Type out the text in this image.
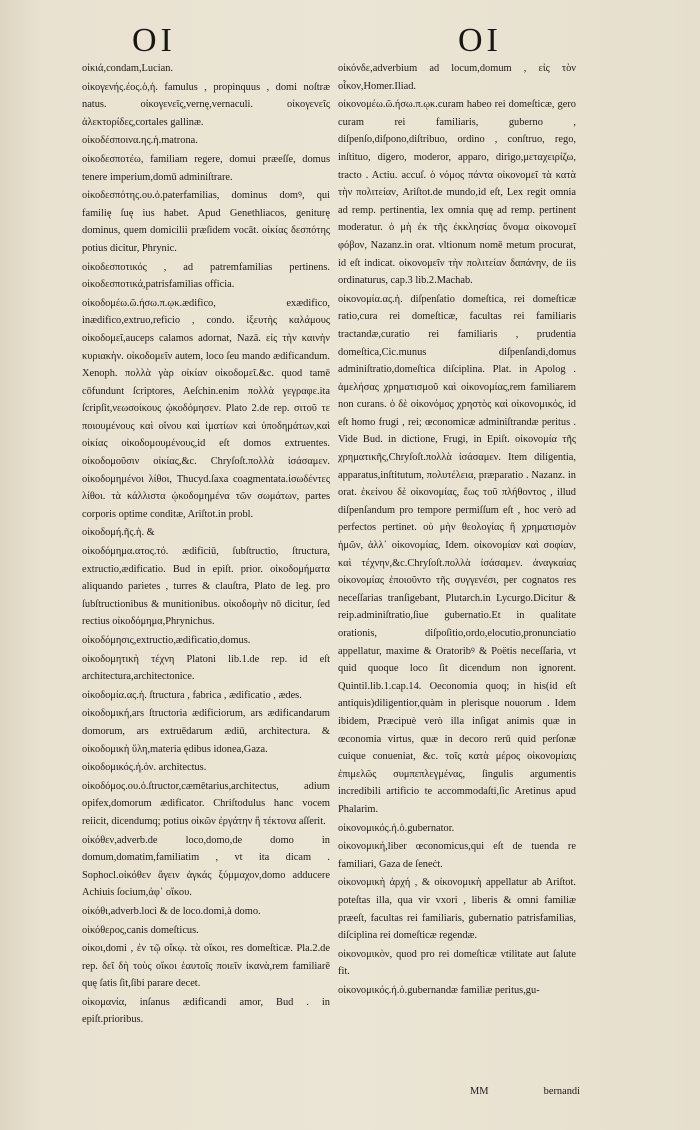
OI	OI

οἰκιά,condam,Lucian.

οἰκογενής.έος.ὁ,ἡ. famulus , propinquus , domi noſtræ natus. οἰκογενεῖς,vernę,vernaculi. οἰκογενεῖς ἀλεκτορίδες,cortales gallinæ.

οἰκοδέσποινα.ης.ἡ.matrona.

οἰκοδεσποτέω, familiam regere, domui præeſſe, domus tenere imperium,domū adminiſtrare.

οἰκοδεσπότης.ου.ὁ.paterfamilias, dominus domꝰ, qui familię ſuę ius habet. Apud Genethliacos, geniturę dominus, quem domicilii præſidem vocāt. οἰκίας δεσπότης potius dicitur, Phrynic.

οἰκοδεσποτικός , ad patremfamilias pertinens. οἰκοδεσποτικά,patrisfamilias officia.

οἰκοδομέω.ῶ.ήσω.π.ῳκ.ædifico, exædifico, inædifico,extruo,reficio , condo. ἰξευτὴς καλάμους οἰκοδομεῖ,auceps calamos adornat, Nazā. εἰς τὴν καινὴν κυριακὴν. οἰκοδομεῖν autem, loco ſeu mando ædificandum. Xenoph. πολλὰ γὰρ οἰκίαν οἰκοδομεῖ.&c. quod tamē cōfundunt ſcriptores, Aeſchin.enim πολλὰ γεγραφε.ita ſcripſit,νεωσοίκους ᾠκοδόμησεν. Plato 2.de rep. σιτοῦ τε ποιουμένους καὶ οἴνου καὶ ἱματίων καὶ ὑποδημάτων,καὶ οἰκίας οἰκοδομουμένους,id eſt domos extruentes. οἰκοδομοῦσιν οἰκίας,&c. Chryſoſt.πολλὰ ἰσάσαμεν. οἰκοδομημένοι λίθοι, Thucyd.ſaxa coagmentata.ἰσωδέντες λίθοι. τὰ κάλλιστα ᾠκοδομημένα τῶν σωμάτων, partes corporis optime conditæ, Ariſtot.in probl.

οἰκοδομή.ῆς.ἡ. &

οἰκοδόμημα.ατος.τό. ædificiū, ſubſtructio, ſtructura, extructio,ædificatio. Bud in epiſt. prior. οἰκοδομήματα aliquando parietes , turres & clauſtra, Plato de leg. pro ſubſtructionibus & munitionibus. οἰκοδομὴν nō dicitur, ſed rectius οἰκοδόμημα,Phrynichus.

οἰκοδόμησις,extructio,ædificatio,domus.

οἰκοδομητικὴ τέχνη Platoni lib.1.de rep. id eſt architectura,architectonice.

οἰκοδομία.ας.ἡ. ſtructura , fabrica , ædificatio , ædes.

οἰκοδομική,ars ſtructoria ædificiorum, ars ædificandarum domorum, ars extruēdarum ædiū, architectura. & οἰκοδομικὴ ὕλη,materia ędibus idonea,Gaza.

οἰκοδομικός.ἡ.ὁν. architectus.

οἰκοδόμος.ου.ὁ.ſtructor,cæmētarius,architectus, adium opifex,domorum ædificator. Chriſtodulus hanc vocem reiicit, dicendumq; potius οἰκῶν ἐργάτην ἢ τέκτονα aſſerit.

οἰκόθεν,adverb.de loco,domo,de domo in domum,domatim,familiatim , vt ita dicam . Sophocl.οἰκόθεν ἄγειν ἀγκάς ξύμμαχον,domo adducere Achiuis ſocium,ἀφ᾽ οἴκου.

οἰκόθι,adverb.loci & de loco.domi,à domo.

οἰκόθερος,canis domeſticus.

οἰκοι,domi , ἐν τῷ οἴκῳ. τὰ οἴκοι, res domeſticæ. Pla.2.de rep. δεῖ δὴ τοὺς οἴκοι ἑαυτοῖς ποιεῖν ἱκανὰ,rem familiarē quę ſatis ſit,ſibi parare decet.

οἰκομανία, inſanus ædificandi amor, Bud . in epiſt.prioribus.

οἰκόνδε,adverbium ad locum,domum , εἰς τὸν οἶκον,Homer.Iliad.

οἰκονομέω.ῶ.ήσω.π.ῳκ.curam habeo rei domeſticæ, gero curam rei familiaris, guberno , diſpenſo,diſpono,diſtribuo, ordino , conſtruo, rego, inſtituo, digero, moderor, apparo, dirigo,μεταχειρίζω, tracto . Actiu. accuſ. ὁ νόμος πάντα οἰκονομεῖ τὰ κατὰ τὴν πολιτείαν, Ariſtot.de mundo,id eſt, Lex regit omnia ad remp. pertinentia, lex omnia quę ad remp. pertinent moderatur. ὁ μὴ ἐκ τῆς ἐκκλησίας ὄνομα οἰκονομεῖ φόβον, Nazanz.in orat. vltionum nomē metum procurat, id eſt indicat. οἰκονομεῖν τὴν πολιτείαν δαπάνην, de iis ordinaturus, cap.3 lib.2.Machab.

οἰκονομία.ας.ἡ. diſpenſatio domeſtica, rei domeſticæ ratio,cura rei domeſticæ, facultas rei familiaris tractandæ,curatio rei familiaris , prudentia domeſtica,Cic.munus diſpenſandi,domus adminiſtratio,domeſtica diſciplina. Plat. in Apolog . ἀμελήσας χρηματισμοῦ καὶ οἰκονομίας,rem familiarem non curans. ὁ δὲ οἰκονόμος χρηστὸς καὶ οἰκονομικός, id eſt homo frugi , rei; œconomicæ adminiſtrandæ peritus . Vide Bud. in dictione, Frugi, in Epiſt. οἰκονομία τῆς χρηματικῆς,Chryſoſt.πολλὰ ἰσάσαμεν. Item diligentia, apparatus,inſtitutum, πολυτέλεια, præparatio . Nazanz. in orat. ἐκείνου δὲ οἰκονομίας, ἕως τοῦ πλήθοντος , illud diſpenſandum pro tempore permiſſum eſt , hoc verò ad perfectos pertinet. οὐ μὴν θεολογίας ἢ χρηματισμὸν ἡμῶν, ἀλλ᾽ οἰκονομίας, Idem. οἰκονομίαν καὶ σοφίαν, καὶ τέχνην,&c.Chryſoſt.πολλὰ ἰσάσαμεν. ἀναγκαίας οἰκονομίας ἐποιοῦντο τῆς συγγενέσι, per cognatos res neceſſarias tranſigebant, Plutarch.in Lycurgo.Dicitur & reip.adminiſtratio,ſiue gubernatio.Et in qualitate orationis, diſpoſitio,ordo,elocutio,pronunciatio appellatur, maxime & Oratoribꝰ & Poëtis neceſſaria, vt quid quoque loco ſit dicendum non ignorent. Quintil.lib.1.cap.14. Oeconomia quoq; in his(id eſt antiquis)diligentior,quàm in plerisque nouorum . Idem ibidem, Præcipuè verò illa inſigat animis quæ in œconomia virtus, quæ in decoro rerū quid perſonæ cuique conueniat, &c. τοῖς κατὰ μέρος οἰκονομίαις ἐπιμελῶς συμπεπλεγμένας, ſingulis argumentis incredibili artificio te accommodaſti,ſic Aretinus apud Phalarim.

οἰκονομικός.ἡ.ὁ.gubernator.

οἰκονομική,liber œconomicus,qui eſt de tuenda re familiari, Gaza de ſeneċt.

οἰκονομικὴ ἀρχή , & οἰκονομικὴ appellatur ab Ariſtot. poteſtas illa, qua vir vxori , liberis & omni familiæ præeſt, facultas rei familiaris, gubernatio patrisfamilias, diſciplina rei domeſticæ regendæ.

οἰκονομικὸν, quod pro rei domeſticæ vtilitate aut ſalute fit.

οἰκονομικός.ἡ.ὁ.gubernandæ familiæ peritus,gu-

MM	bernandi
